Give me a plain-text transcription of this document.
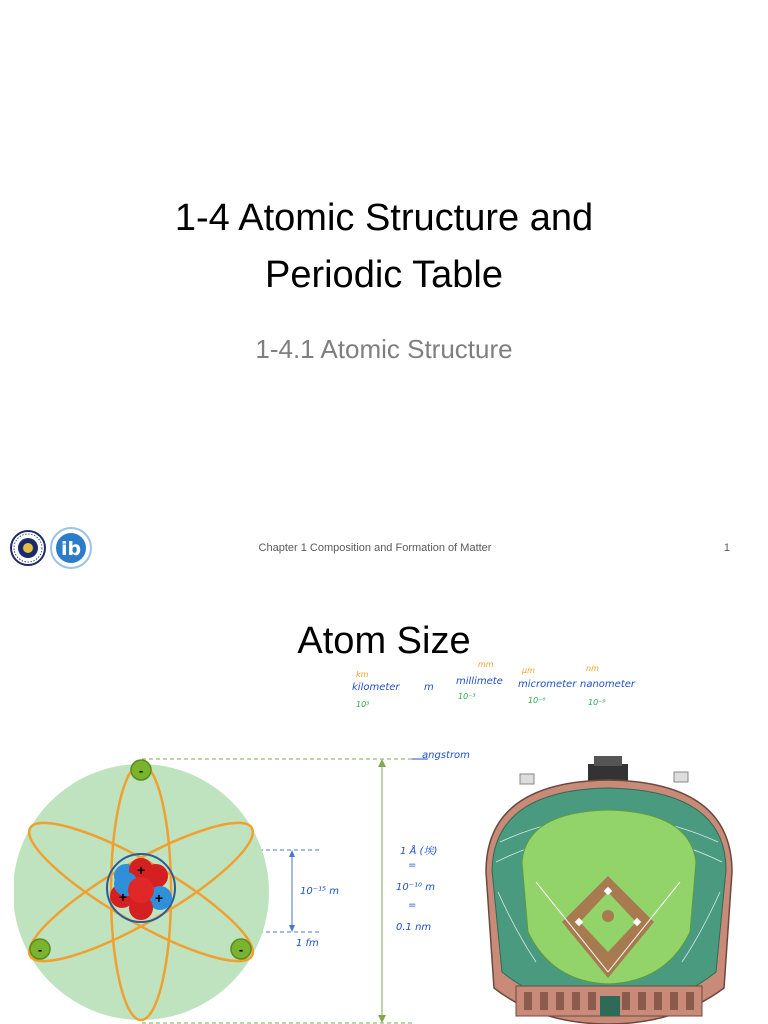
1-4 Atomic Structure and
Periodic Table
1-4.1 Atomic Structure
ib	Chapter 1 Composition and Formation of Matter	1
Atom Size
km
kilometer
10³
m
mm
millimete
10⁻³
μm
micrometer
10⁻⁶
nm
nanometer
10⁻⁹
angstrom
10⁻¹⁵ m
1 fm
1 Å (埃)
=
10⁻¹⁰ m
=
0.1 nm
+
+ +
-
-	-
